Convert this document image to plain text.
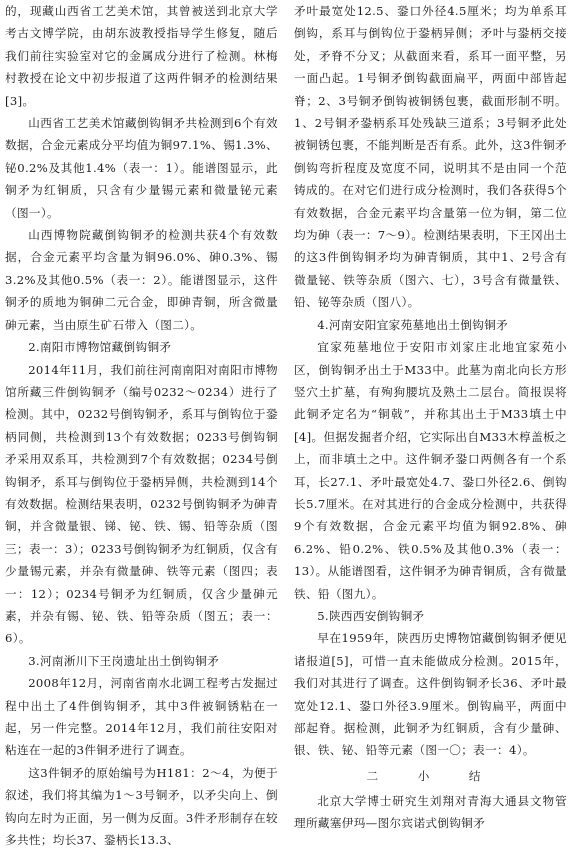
的，现藏山西省工艺美术馆，其曾被送到北京大学考古文博学院，由胡东波教授指导学生修复，随后我们前往实验室对它的金属成分进行了检测。林梅村教授在论文中初步报道了这两件铜矛的检测结果[3]。

山西省工艺美术馆藏倒钩铜矛共检测到6个有效数据，合金元素成分平均值为铜97.1%、锡1.3%、铋0.2%及其他1.4%（表一：1）。能谱图显示，此铜矛为红铜质，只含有少量锡元素和微量铋元素（图一）。

山西博物院藏倒钩铜矛的检测共获4个有效数据，合金元素平均含量为铜96.0%、砷0.3%、锡3.2%及其他0.5%（表一：2）。能谱图显示，这件铜矛的质地为铜砷二元合金，即砷青铜，所含微量砷元素，当由原生矿石带入（图二）。

2.南阳市博物馆藏倒钩铜矛

2014年11月，我们前往河南南阳对南阳市博物馆所藏三件倒钩铜矛（编号0232～0234）进行了检测。其中，0232号倒钩铜矛，系耳与倒钩位于銎柄同侧，共检测到13个有效数据；0233号倒钩铜矛采用双系耳，共检测到7个有效数据；0234号倒钩铜矛，系耳与倒钩位于銎柄异侧，共检测到14个有效数据。检测结果表明，0232号倒钩铜矛为砷青铜，并含微量银、锑、铋、铁、锡、铅等杂质（图三；表一：3）；0233号倒钩铜矛为红铜质，仅含有少量锡元素，并杂有微量砷、铁等元素（图四；表一：12）；0234号铜矛为红铜质，仅含少量砷元素，并杂有锡、铋、铁、铅等杂质（图五；表一：6）。

3.河南淅川下王岗遗址出土倒钩铜矛

2008年12月，河南省南水北调工程考古发掘过程中出土了4件倒钩铜矛，其中3件被铜锈粘在一起，另一件完整。2014年12月，我们前往安阳对粘连在一起的3件铜矛进行了调查。

这3件铜矛的原始编号为H181：2～4，为便于叙述，我们将其编为1～3号铜矛，以矛尖向上、倒钩向左时为正面，另一侧为反面。3件矛形制存在较多共性；均长37、銎柄长13.3、

矛叶最宽处12.5、銎口外径4.5厘米；均为单系耳倒钩，系耳与倒钩位于銎柄异侧；矛叶与銎柄交接处，矛脊不分叉；从截面来看，系耳一面平整，另一面凸起。1号铜矛倒钩截面扁平，两面中部皆起脊；2、3号铜矛倒钩被铜锈包裹，截面形制不明。1、2号铜矛銎柄系耳处残缺三道系；3号铜矛此处被铜锈包裹，不能判断是否有系。此外，这3件铜矛倒钩弯折程度及宽度不同，说明其不是由同一个范铸成的。在对它们进行成分检测时，我们各获得5个有效数据，合金元素平均含量第一位为铜，第二位均为砷（表一：7～9）。检测结果表明，下王冈出土的这3件倒钩铜矛均为砷青铜质，其中1、2号含有微量铋、铁等杂质（图六、七），3号含有微量铁、铅、铋等杂质（图八）。

4.河南安阳宜家苑墓地出土倒钩铜矛

宜家苑墓地位于安阳市刘家庄北地宜家苑小区，倒钩铜矛出土于M33中。此墓为南北向长方形竖穴土扩墓，有殉狗腰坑及熟土二层台。简报误将此铜矛定名为“铜戟”，并称其出土于M33填土中[4]。但据发掘者介绍，它实际出自M33木椁盖板之上，而非填土之中。这件铜矛銎口两侧各有一个系耳，长27.1、矛叶最宽处4.7、銎口外径2.6、倒钩长5.7厘米。在对其进行的合金成分检测中，共获得9个有效数据，合金元素平均值为铜92.8%、砷6.2%、铅0.2%、铁0.5%及其他0.3%（表一：13）。从能谱图看，这件铜矛为砷青铜质，含有微量铁、铅（图九）。

5.陕西西安倒钩铜矛

早在1959年，陕西历史博物馆藏倒钩铜矛便见诸报道[5]，可惜一直未能做成分检测。2015年，我们对其进行了调查。这件倒钩铜矛长36、矛叶最宽处12.1、銎口外径3.9厘米。倒钩扁平，两面中部起脊。据检测，此铜矛为红铜质，含有少量砷、银、铁、铋、铅等元素（图一〇；表一：4）。

二　小　结

北京大学博士研究生刘翔对青海大通县文物管理所藏塞伊玛—图尔宾诺式倒钩铜矛
